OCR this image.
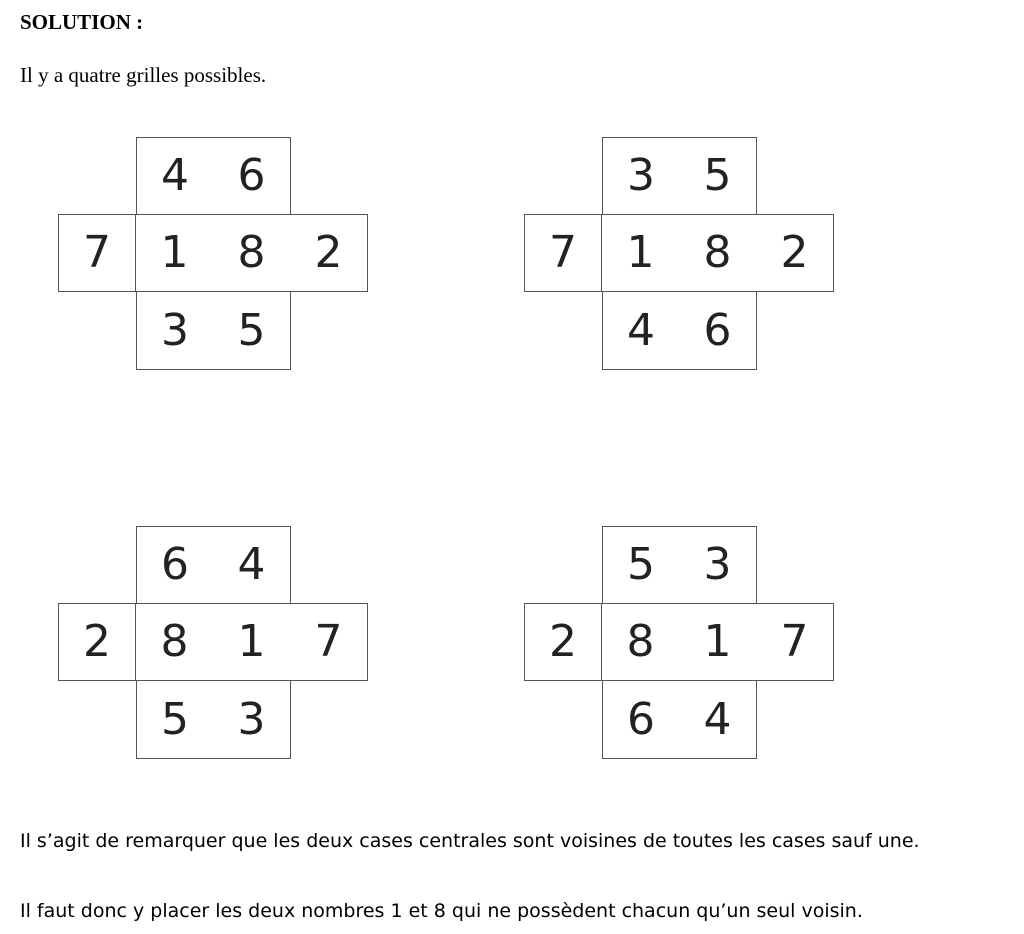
SOLUTION :

Il y a quatre grilles possibles.

4	6
7	1	8	2
3	5
3	5
7	1	8	2
4	6
6	4
2	8	1	7
5	3
5	3
2	8	1	7
6	4

Il s’agit de remarquer que les deux cases centrales sont voisines de toutes les cases sauf une.

Il faut donc y placer les deux nombres 1 et 8 qui ne possèdent chacun qu’un seul voisin.
